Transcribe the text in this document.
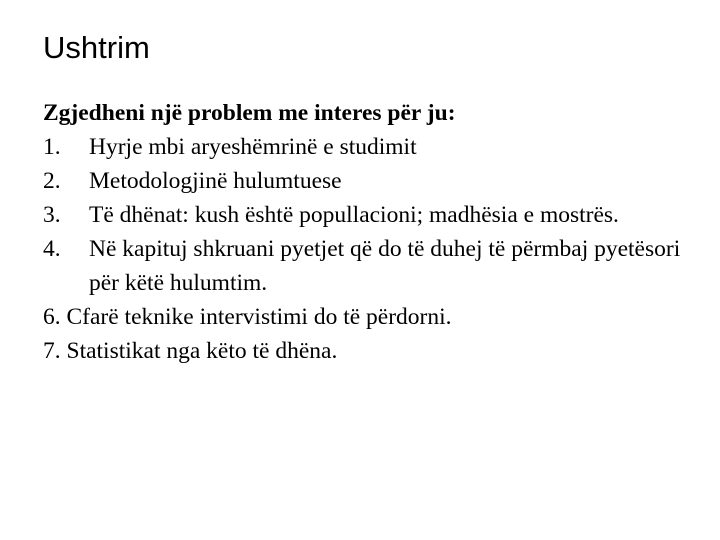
Ushtrim

Zgjedheni një problem me interes për ju:

1. Hyrje mbi aryeshëmrinë e studimit
2. Metodologjinë hulumtuese
3. Të dhënat: kush është popullacioni; madhësia e mostrës.
4. Në kapituj shkruani pyetjet që do të duhej të përmbaj pyetësori për këtë hulumtim.
6. Cfarë teknike intervistimi do të përdorni.
7. Statistikat nga këto të dhëna.
